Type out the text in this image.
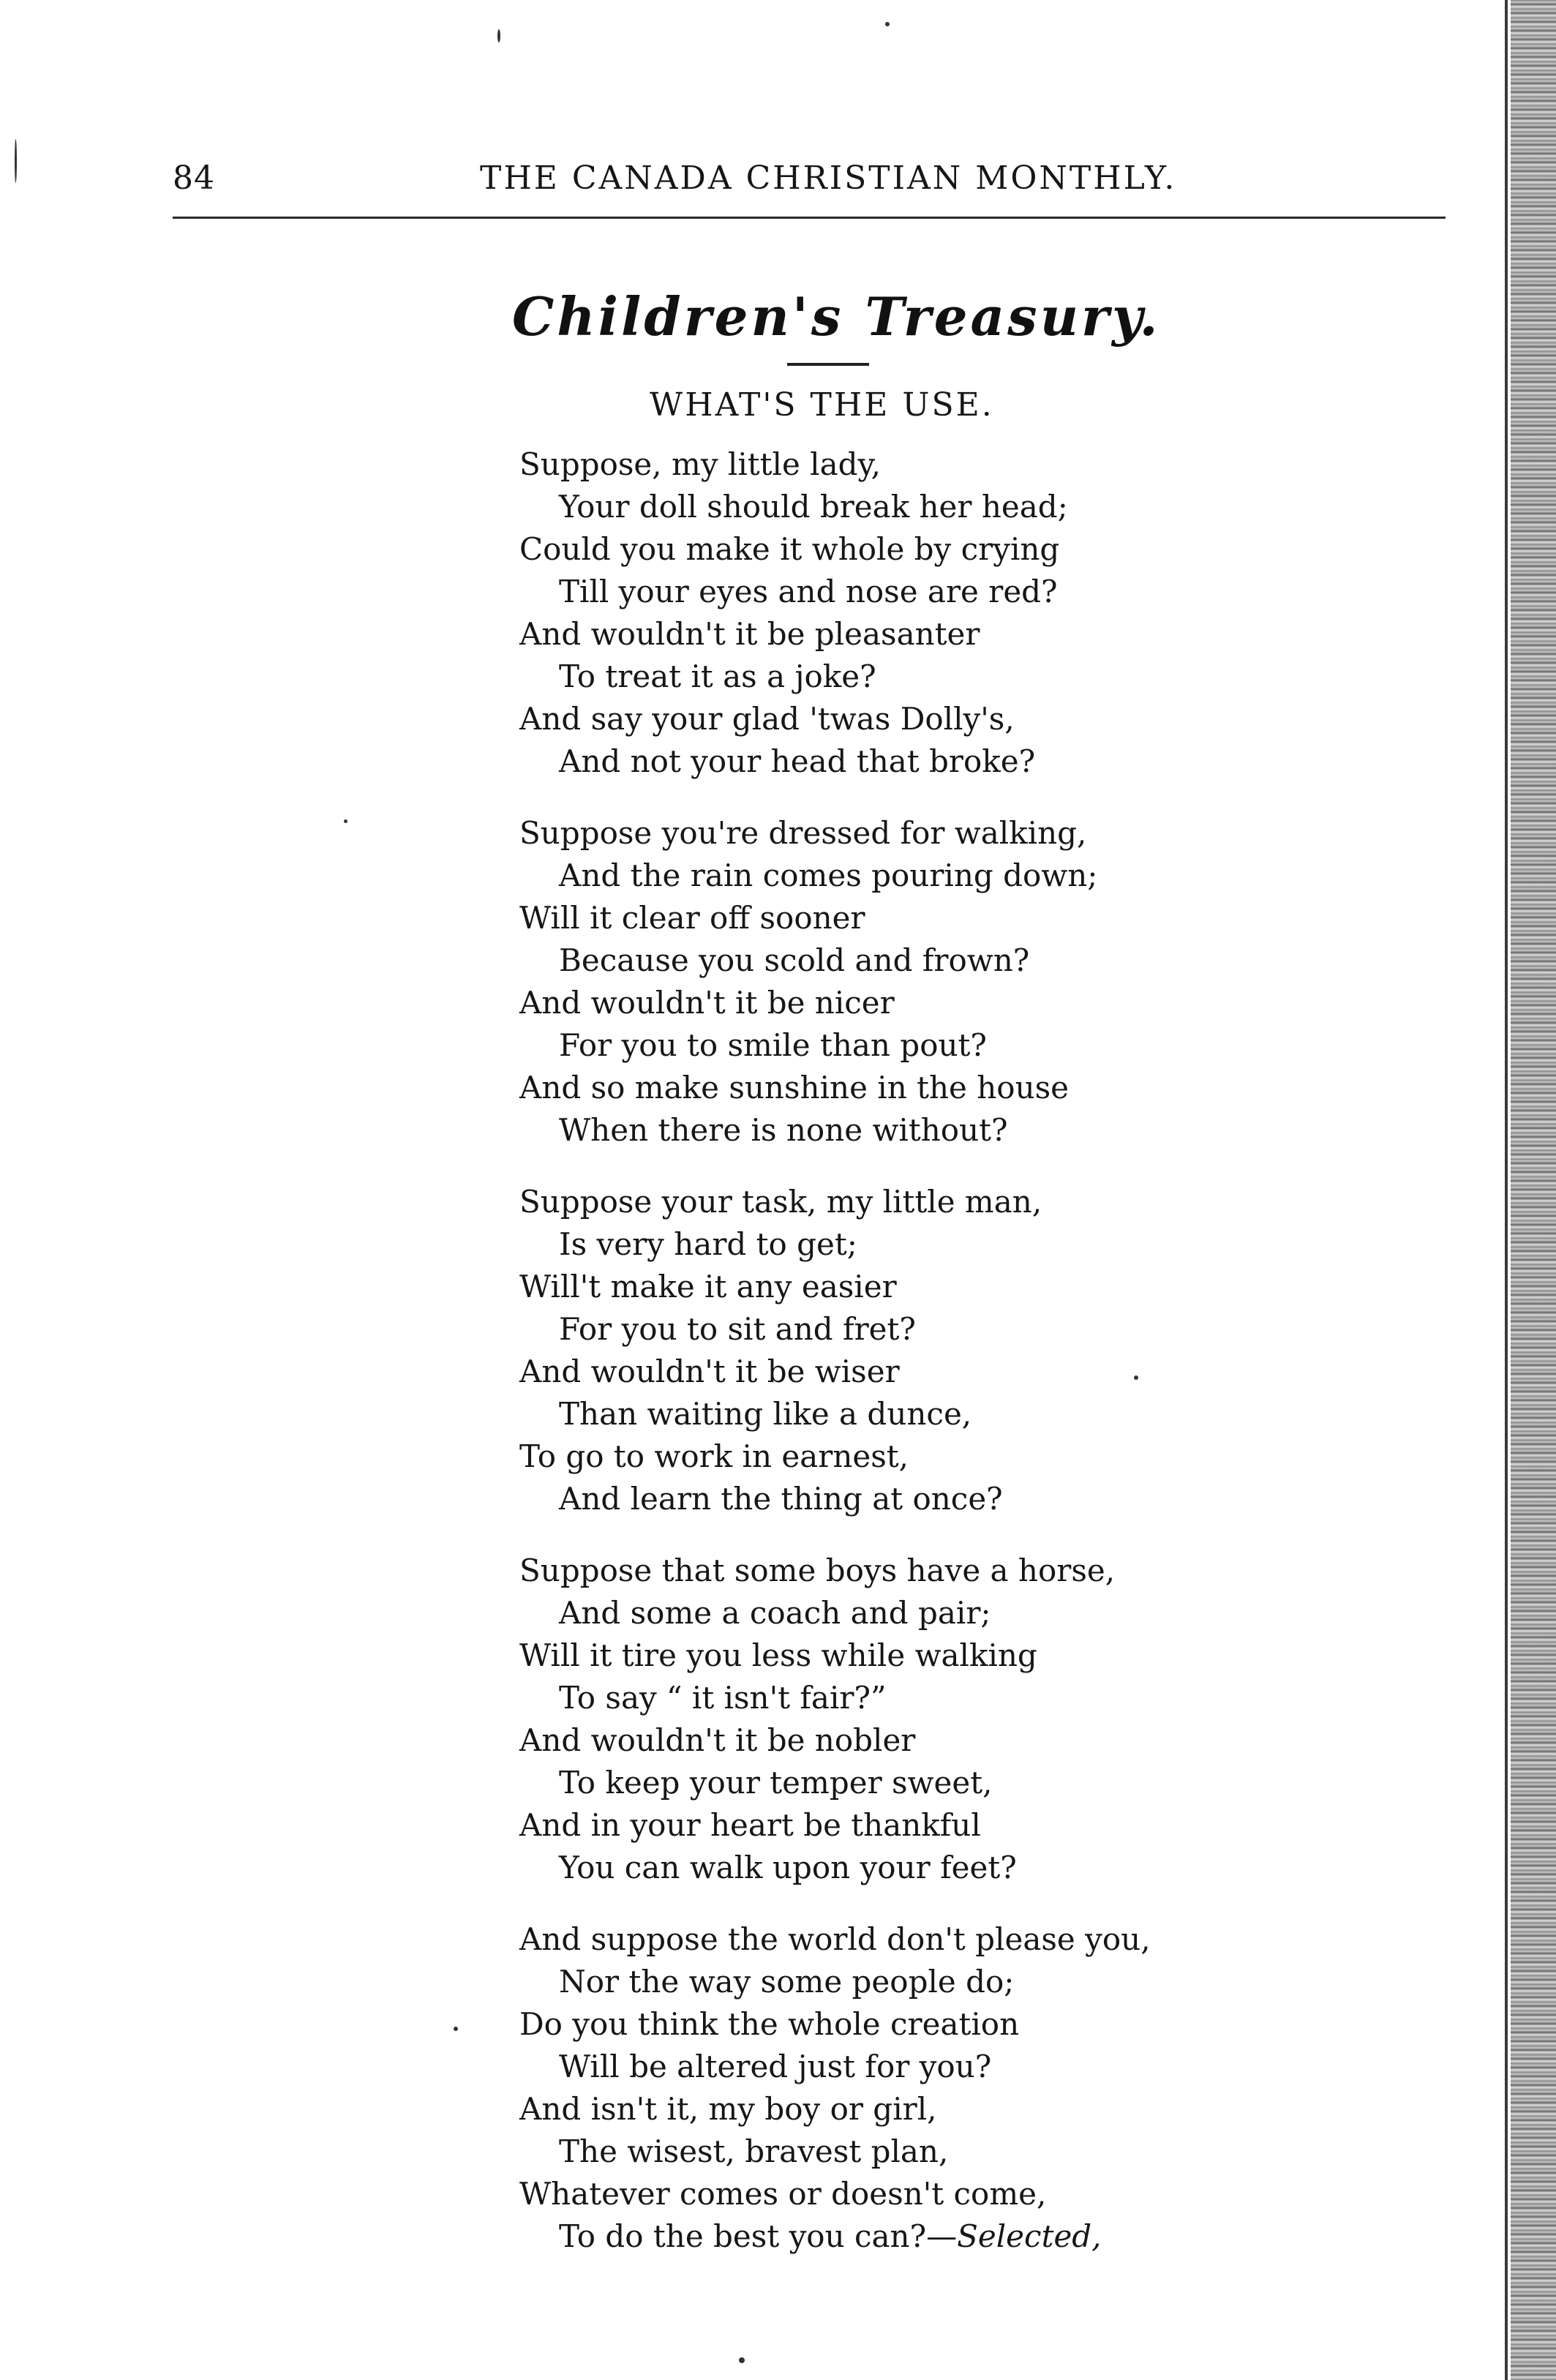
84	THE CANADA CHRISTIAN MONTHLY.
Children's Treasury.
WHAT'S THE USE.
Suppose, my little lady,
Your doll should break her head;
Could you make it whole by crying
Till your eyes and nose are red?
And wouldn't it be pleasanter
To treat it as a joke?
And say your glad 'twas Dolly's,
And not your head that broke?
Suppose you're dressed for walking,
And the rain comes pouring down;
Will it clear off sooner
Because you scold and frown?
And wouldn't it be nicer
For you to smile than pout?
And so make sunshine in the house
When there is none without?
Suppose your task, my little man,
Is very hard to get;
Will't make it any easier
For you to sit and fret?
And wouldn't it be wiser
Than waiting like a dunce,
To go to work in earnest,
And learn the thing at once?
Suppose that some boys have a horse,
And some a coach and pair;
Will it tire you less while walking
To say “ it isn't fair?”
And wouldn't it be nobler
To keep your temper sweet,
And in your heart be thankful
You can walk upon your feet?
And suppose the world don't please you,
Nor the way some people do;
Do you think the whole creation
Will be altered just for you?
And isn't it, my boy or girl,
The wisest, bravest plan,
Whatever comes or doesn't come,
To do the best you can?—Selected,
